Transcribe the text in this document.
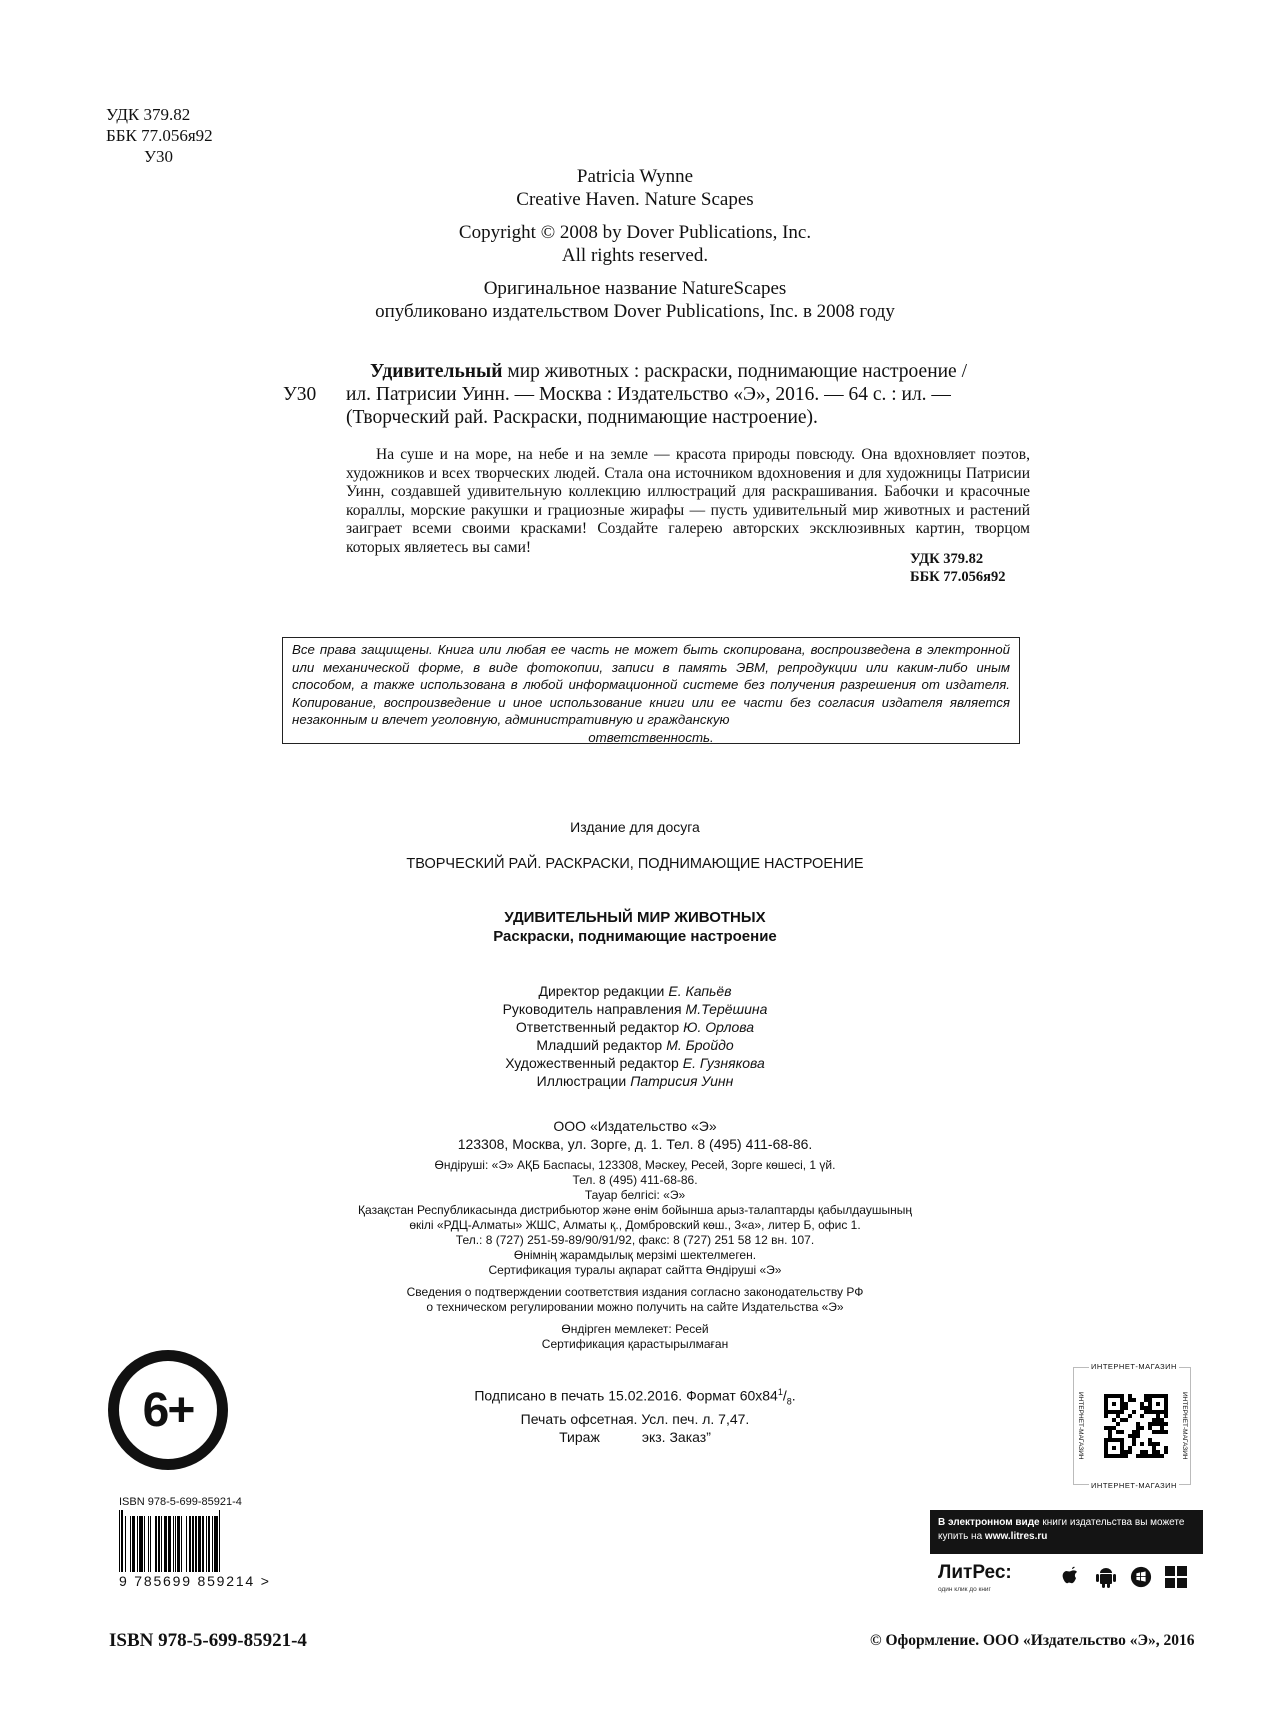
УДК 379.82
ББК 77.056я92
У30
Patricia Wynne
Creative Haven. Nature Scapes
Copyright © 2008 by Dover Publications, Inc.
All rights reserved.
Оригинальное название NatureScapes
опубликовано издательством Dover Publications, Inc. в 2008 году
У30
Удивительный мир животных : раскраски, поднимающие настроение /
ил. Патрисии Уинн. — Москва : Издательство «Э», 2016. — 64 с. : ил. —
(Творческий рай. Раскраски, поднимающие настроение).

На суше и на море, на небе и на земле — красота природы повсюду. Она вдохновляет поэтов, художников и всех творческих людей. Стала она источником вдохновения и для художницы Патрисии Уинн, создавшей удивительную коллекцию иллюстраций для раскрашивания. Бабочки и красочные кораллы, морские ракушки и грациозные жирафы — пусть удивительный мир животных и растений заиграет всеми своими красками! Создайте галерею авторских эксклюзивных картин, творцом которых являетесь вы сами!

УДК 379.82
ББК 77.056я92
Все права защищены. Книга или любая ее часть не может быть скопирована, воспроизведена в электронной или механической форме, в виде фотокопии, записи в память ЭВМ, репродукции или каким-либо иным способом, а также использована в любой информационной системе без получения разрешения от издателя. Копирование, воспроизведение и иное использование книги или ее части без согласия издателя является незаконным и влечет уголовную, административную и гражданскую
ответственность.
Издание для досуга
ТВОРЧЕСКИЙ РАЙ. РАСКРАСКИ, ПОДНИМАЮЩИЕ НАСТРОЕНИЕ
УДИВИТЕЛЬНЫЙ МИР ЖИВОТНЫХ
Раскраски, поднимающие настроение
Директор редакции Е. Капьёв
Руководитель направления М.Терёшина
Ответственный редактор Ю. Орлова
Младший редактор М. Бройдо
Художественный редактор Е. Гузнякова
Иллюстрации Патрисия Уинн
ООО «Издательство «Э»
123308, Москва, ул. Зорге, д. 1. Тел. 8 (495) 411-68-86.
Өндіруші: «Э» АҚБ Баспасы, 123308, Мәскеу, Ресей, Зорге көшесі, 1 үй.
Тел. 8 (495) 411-68-86.
Тауар белгісі: «Э»
Қазақстан Республикасында дистрибьютор және өнім бойынша арыз-талаптарды қабылдаушының
өкілі «РДЦ-Алматы» ЖШС, Алматы қ., Домбровский көш., 3«а», литер Б, офис 1.
Тел.: 8 (727) 251-59-89/90/91/92, факс: 8 (727) 251 58 12 вн. 107.
Өнімнің жарамдылық мерзімі шектелмеген.
Сертификация туралы ақпарат сайтта Өндіруші «Э»
Сведения о подтверждении соответствия издания согласно законодательству РФ
о техническом регулировании можно получить на сайте Издательства «Э»
Өндірген мемлекет: Ресей
Сертификация қарастырылмаған
Подписано в печать 15.02.2016. Формат $60x84^1/_8$.
Печать офсетная. Усл. печ. л. 7,47.
Тираж	экз. Заказ”
6+
ИНТЕРНЕТ-МАГАЗИН
ИНТЕРНЕТ-МАГАЗИН
ИНТЕРНЕТ-МАГАЗИН	ИНТЕРНЕТ-МАГАЗИН
ISBN 978-5-699-85921-4
9 785699 859214 >
В электронном виде книги издательства вы можете
купить на www.litres.ru
ЛитРес:
один клик до книг
ISBN 978-5-699-85921-4	© Оформление. ООО «Издательство «Э», 2016
